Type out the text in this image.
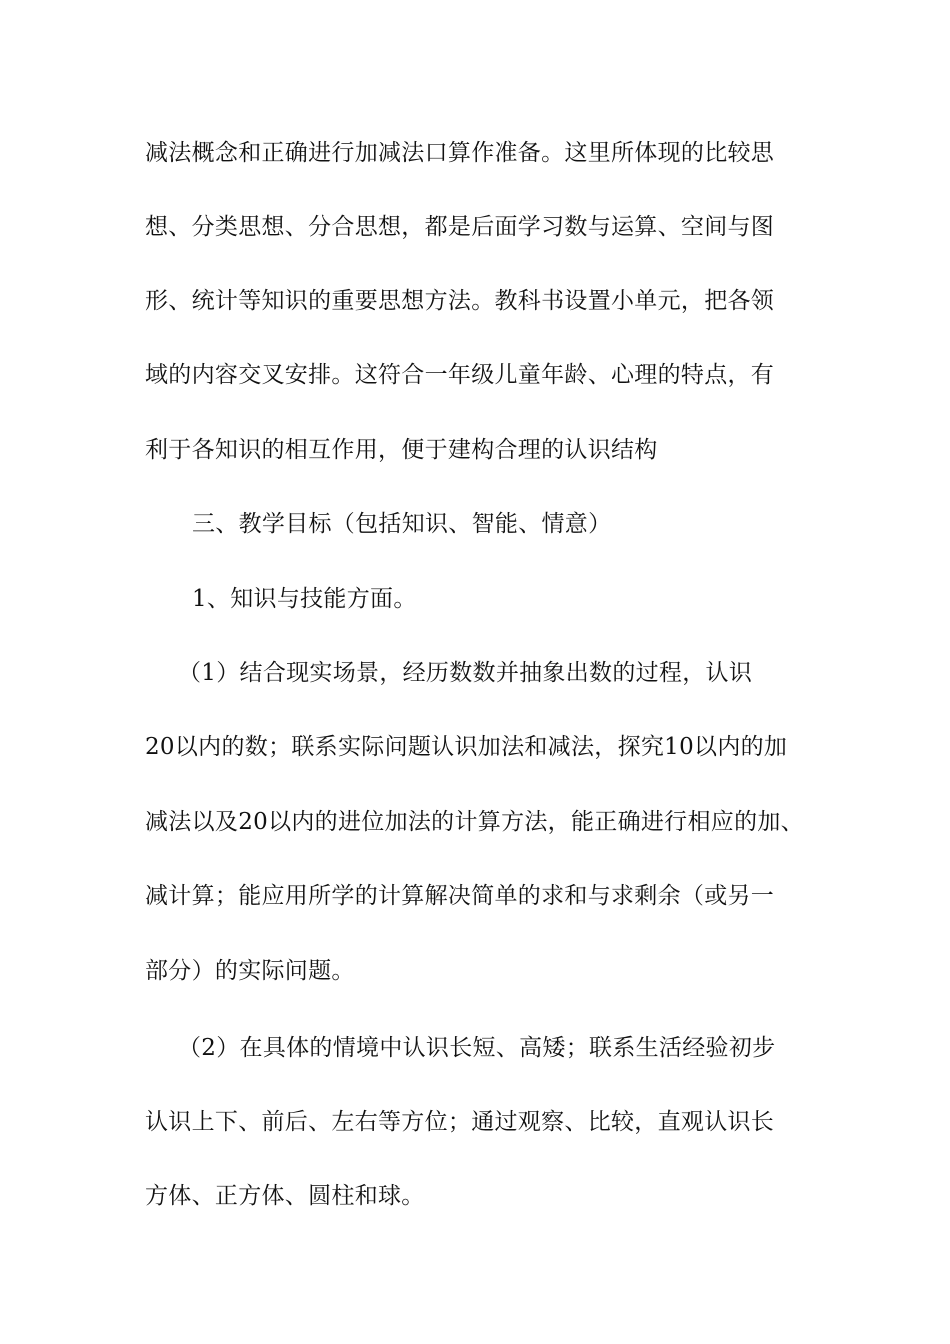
减法概念和正确进行加减法口算作准备。这里所体现的比较思
想、分类思想、分合思想，都是后面学习数与运算、空间与图
形、统计等知识的重要思想方法。教科书设置小单元，把各领
域的内容交叉安排。这符合一年级儿童年龄、心理的特点，有
利于各知识的相互作用，便于建构合理的认识结构
三、教学目标（包括知识、智能、情意）
1、知识与技能方面。
（1）结合现实场景，经历数数并抽象出数的过程，认识
20以内的数；联系实际问题认识加法和减法，探究10以内的加
减法以及20以内的进位加法的计算方法，能正确进行相应的加、
减计算；能应用所学的计算解决简单的求和与求剩余（或另一
部分）的实际问题。
（2）在具体的情境中认识长短、高矮；联系生活经验初步
认识上下、前后、左右等方位；通过观察、比较，直观认识长
方体、正方体、圆柱和球。
